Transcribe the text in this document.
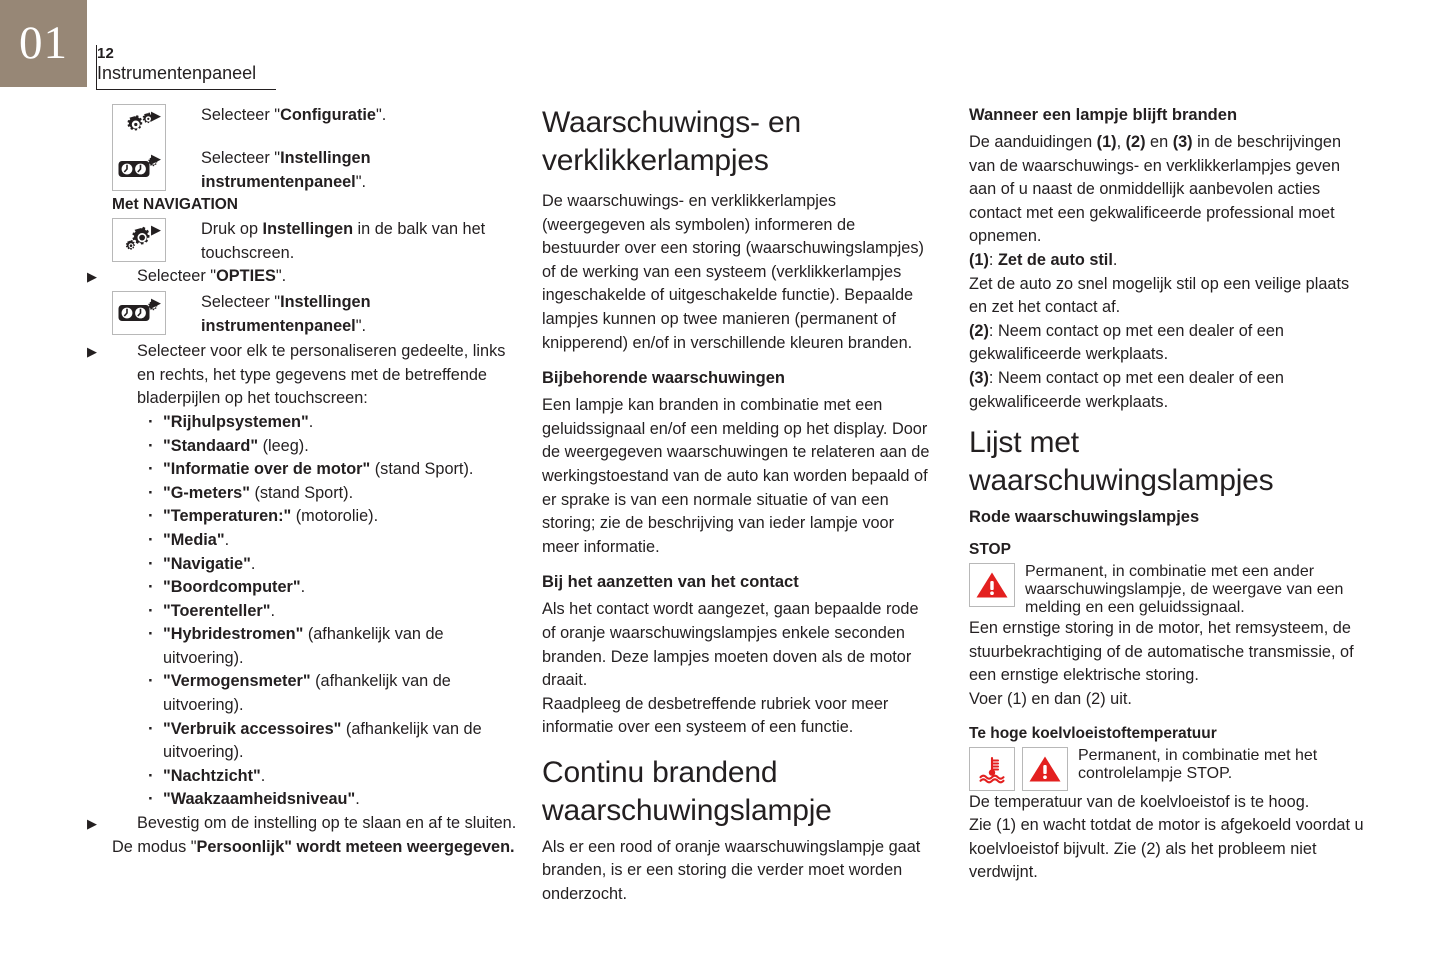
01 12
Instrumentenpaneel
▶Selecteer "Configuratie".
▶Selecteer "Instellingen instrumentenpaneel".
Met NAVIGATION
▶Druk op Instellingen in de balk van het touchscreen.
▶Selecteer "OPTIES".
▶Selecteer "Instellingen instrumentenpaneel".
▶Selecteer voor elk te personaliseren gedeelte, links en rechts, het type gegevens met de betreffende bladerpijlen op het touchscreen:
· "Rijhulpsystemen".
· "Standaard" (leeg).
· "Informatie over de motor" (stand Sport).
· "G-meters" (stand Sport).
· "Temperaturen:" (motorolie).
· "Media".
· "Navigatie".
· "Boordcomputer".
· "Toerenteller".
· "Hybridestromen" (afhankelijk van de uitvoering).
· "Vermogensmeter" (afhankelijk van de uitvoering).
· "Verbruik accessoires" (afhankelijk van de uitvoering).
· "Nachtzicht".
· "Waakzaamheidsniveau".
▶Bevestig om de instelling op te slaan en af te sluiten.

De modus "Persoonlijk" wordt meteen weergegeven.

Waarschuwings- en verklikkerlampjes

De waarschuwings- en verklikkerlampjes (weergegeven als symbolen) informeren de bestuurder over een storing (waarschuwingslampjes) of de werking van een systeem (verklikkerlampjes ingeschakelde of uitgeschakelde functie). Bepaalde lampjes kunnen op twee manieren (permanent of knipperend) en/of in verschillende kleuren branden.

Bijbehorende waarschuwingen

Een lampje kan branden in combinatie met een geluidssignaal en/of een melding op het display. Door de weergegeven waarschuwingen te relateren aan de werkingstoestand van de auto kan worden bepaald of er sprake is van een normale situatie of van een storing; zie de beschrijving van ieder lampje voor meer informatie.

Bij het aanzetten van het contact

Als het contact wordt aangezet, gaan bepaalde rode of oranje waarschuwingslampjes enkele seconden branden. Deze lampjes moeten doven als de motor draait.

Raadpleeg de desbetreffende rubriek voor meer informatie over een systeem of een functie.

Continu brandend waarschuwingslampje

Als er een rood of oranje waarschuwingslampje gaat branden, is er een storing die verder moet worden onderzocht.

Wanneer een lampje blijft branden

De aanduidingen (1), (2) en (3) in de beschrijvingen van de waarschuwings- en verklikkerlampjes geven aan of u naast de onmiddellijk aanbevolen acties contact met een gekwalificeerde professional moet opnemen.

(1): Zet de auto stil.

Zet de auto zo snel mogelijk stil op een veilige plaats en zet het contact af.

(2): Neem contact op met een dealer of een gekwalificeerde werkplaats.

(3): Neem contact op met een dealer of een gekwalificeerde werkplaats.

Lijst met waarschuwingslampjes
Rode waarschuwingslampjes
STOP
Permanent, in combinatie met een ander waarschuwingslampje, de weergave van een melding en een geluidssignaal.

Een ernstige storing in de motor, het remsysteem, de stuurbekrachtiging of de automatische transmissie, of een ernstige elektrische storing.

Voer (1) en dan (2) uit.

Te hoge koelvloeistoftemperatuur
Permanent, in combinatie met het controlelampje STOP.

De temperatuur van de koelvloeistof is te hoog.

Zie (1) en wacht totdat de motor is afgekoeld voordat u koelvloeistof bijvult. Zie (2) als het probleem niet verdwijnt.
